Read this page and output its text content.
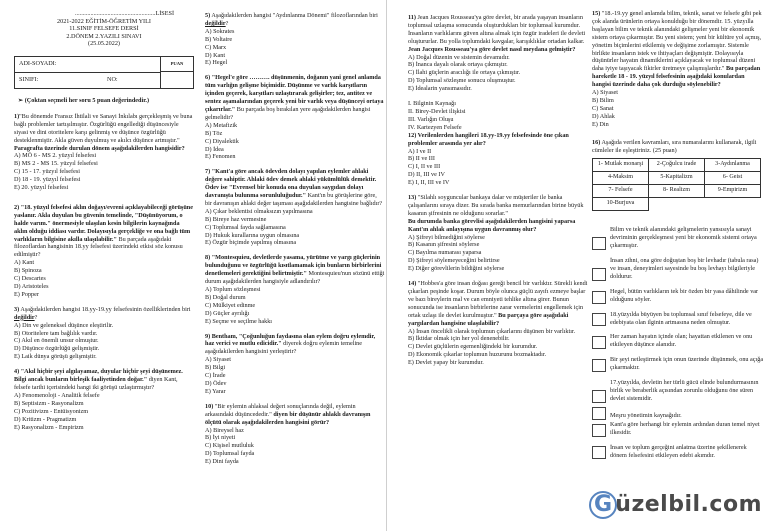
....................................................LİSESİ
2021-2022 EĞİTİM-ÖĞRETİM YILI
11.SINIF FELSEFE DERSİ
2.DÖNEM 2.YAZILI SINAVI
(25.05.2022)
ADI-SOYADI:
SINIFI:	NO:
PUAN
➢ (Çoktan seçmeli her soru 5 puan değerindedir.)

1)"Bu dönemde Fransız İhtilali ve Sanayi İnkılabı gerçekleşmiş ve buna bağlı problemler tartışılmıştır. Özgürlüğü engellediği düşüncesiyle siyasi ve dini otoritelere karşı gelinmiş ve düşünce özgürlüğü desteklenmiştir. Akla güven duyulmuş ve akılcı düşünce artmıştır." Paragrafta üzerinde durulan dönem aşağıdakilerden hangisidir?

A) MÖ 6 - MS 2. yüzyıl felsefesi

B) MS 2 - MS 15. yüzyıl felsefesi

C) 15 - 17. yüzyıl felsefesi

D) 18 - 19. yüzyıl felsefesi

E) 20. yüzyıl felsefesi

2) "18. yüzyıl felsefesi aklın doğayı/evreni açıklayabileceği görüşüne yaslanır. Akla duyulan bu güvenin temelinde, "Düşünüyorum, o halde varım." önermesiyle ulaşılan kesin bilgilerin kaynağında aklın olduğu iddiası vardır. Dolayısıyla gerçekliğe ve ona bağlı tüm varlıkların bilgisine akılla ulaşılabilir." Bu parçada aşağıdaki filozoflardan hangisinin 18.yy felsefesi üzerindeki etkisi söz konusu edilmiştir?

A) Kant

B) Spinoza

C) Descartes

D) Aristoteles

E) Popper

3) Aşağıdakilerden hangisi 18.yy-19.yy felsefesinin özelliklerinden biri değildir?

A) Din ve geleneksel düşünce eleştirilir.

B) Otoritelere tam bağlılık vardır.

C) Akıl en önemli unsur olmuştur.

D) Düşünce özgürlüğü gelişmiştir.

E) Laik dünya görüşü gelişmiştir.

4) "Akıl hiçbir şeyi algılayamaz, duyular hiçbir şeyi düşünemez. Bilgi ancak bunların birleşik faaliyetinden doğar." diyen Kant, felsefe tarihi içerisindeki hangi iki görüşü uzlaştırmıştır?

A) Fenomenoloji - Analitik felsefe

B) Septisizm - Rasyonalizm

C) Pozitivizm - Entüisyonizm

D) Kritizm - Pragmatizm

E) Rasyonalizm - Empirizm

5) Aşağıdakilerden hangisi "Aydınlanma Dönemi" filozoflarından biri değildir?

A) Sokrates

B) Voltaire

C) Marx

D) Kant

E) Hegel

6) "Hegel'e göre ………. düşünmenin, doğanın yani genel anlamda tüm varlığın gelişme biçimidir. Düşünme ve varlık karşıtların içinden geçerek, karşıtları uzlaştırarak gelişirler; tez, antitez ve sentez aşamalarından geçerek yeni bir varlık veya düşünceyi ortaya çıkarırlar." Bu parçada boş bırakılan yere aşağıdakilerden hangisi gelmelidir?

A) Metafizik

B) Töz

C) Diyalektik

D) İdea

E) Fenomen

7) "Kant'a göre ancak ödevden dolayı yapılan eylemler ahlaki değere sahiptir. Ahlaki ödev demek ahlaki yükümlülük demektir. Ödev ise "Evrensel bir konuda ona duyulan saygıdan dolayı davranışta bulunma sorunluluğudur." Kant'ın bu görüşlerine göre, bir davranışın ahlaki değer taşıması aşağıdakilerden hangisine bağlıdır?

A) Çıkar beklentisi olmaksızın yapılmasına

B) Bireye haz vermesine

C) Toplumsal fayda sağlamasına

D) Hukuk kurallarına uygun olmasına

E) Özgür biçimde yapılmış olmasına

8) "Montesquieu, devletlerde yasama, yürütme ve yargı güçlerinin bulunduğunu ve özgürlüğü kısıtlamamak için bunların birbirlerini denetlemeleri gerektiğini belirtmiştir." Montesquieu'nun sözünü ettiği durum aşağıdakilerden hangisiyle adlandırılır?

A) Toplum sözleşmesi

B) Doğal durum

C) Mülkiyet edinme

D) Güçler ayrılığı

E) Seçme ve seçilme hakkı

9) Bentham, "Çoğunluğun faydasına olan eylem doğru eylemdir, haz verici ve mutlu edicidir." diyerek doğru eylemin temeline aşağıdakilerden hangisini yerleştirir?

A) Siyaset

B) Bilgi

C) İrade

D) Ödev

E) Yarar

10) "Bir eylemin ahlaksal değeri sonuçlarında değil, eylemin arkasındaki düşüncededir." diyen bir düşünür ahlaklı davranışın ölçütü olarak aşağıdakilerden hangisini görür?

A) Bireysel haz

B) İyi niyeti

C) Kişisel mutluluk

D) Toplumsal fayda

E) Dini fayda

11) Jean Jacques Rousseau'ya göre devlet, bir arada yaşayan insanların toplumsal uzlaşma sonucunda oluşturdukları bir toplumsal kurumdur. İnsanların varlıklarını güven altına almak için özgür iradeleri ile devleti oluştururlar. Bu yolla toplumdaki kavgalar, karışıklıklar ortadan kalkar. Jean Jacques Rousseau'ya göre devlet nasıl meydana gelmiştir?

A) Doğal düzenin ve sistemin devamıdır.

B) İnanca dayalı olarak ortaya çıkmıştır.

C) İlahi güçlerin aracılığı ile ortaya çıkmıştır.

D) Toplumsal sözleşme sonucu oluşmuştur.

E) İdealarin yansımasıdır.

I. Bilginin Kaynağı

II. Birey-Devlet ilişkisi

III. Varlığın Oluşu

IV. Kartezyen Felsefe

12) Verilenlerden hangileri 18.yy-19.yy felsefesinde öne çıkan problemler arasında yer alır?

A) I ve II

B) II ve III

C) I, II ve III

D) II, III ve IV

E) I, II, III ve IV

13) "Silahlı soyguncular bankaya dalar ve müşteriler ile banka çalışanlarını sıraya dizer. Bu sırada banka memurlarından birine büyük kasanın şifresinin ne olduğunu sorarlar."

Bu durumda banka görevlisi aşağıdakilerden hangisini yaparsa Kant'ın ahlak anlayışına uygun davranmış olur?

A) Şifreyi bilmediğini söylerse

B) Kasanın şifresini söylerse

C) Bayılma numarası yaparsa

D) Şifreyi söylemeyeceğini belirtirse

E) Diğer görevlilerin bildiğini söylerse

14) "Hobbes'a göre insan doğası gereği bencil bir varlıktır. Sürekli kendi çıkarları peşinde koşar. Durum böyle olunca güçlü zayıfı ezmeye başlar ve bazı bireylerin mal ve can emniyeti tehlike altına girer. Bunun sonucunda ise insanların birbirlerine zarar vermelerini engellemek için ortak uzlaşı ile devlet kurulmuştur." Bu parçaya göre aşağıdaki yargılardan hangisine ulaşılabilir?

A) İnsan öncelikli olarak toplumun çıkarlarını düşünen bir varlıktır.

B) İktidar olmak için her yol denenebilir.

C) Devlet güçlülerin egemenliğindeki bir kurumdur.

D) Ekonomik çıkarlar toplumun huzurunu bozmaktadır.

E) Devlet yapay bir kurumdur.

15) "18.-19.yy genel anlamda bilim, teknik, sanat ve felsefe gibi pek çok alanda ürünlerin ortaya konulduğu bir dönemdir. 15. yüzyılla başlayan bilim ve teknik alanındaki gelişmeler yeni bir ekonomik sistem ortaya çıkarmıştır. Bu yeni sistem; yeni bir kültüre yol açmış, yönetim biçimlerini etkilemiş ve değişime zorlamıştır. Sistemle birlikte insanların istek ve ihtiyaçları değişmiştir. Dolayısıyla düşünürler hayatın dinamiklerini açıklayacak ve toplumsal düzeni daha iyiye taşıyacak fikirler üretmeye çalışmışlardır." Bu parçadan hareketle 18 - 19. yüzyıl felsefesinin aşağıdaki konulardan hangisi üzerinde daha çok durduğu söylenebilir?

A) Siyaset

B) Bilim

C) Sanat

D) Ahlak

E) Din

16) Aşağıda verilen kavramları, sıra numaralarını kullanarak, ilgili cümleler ile eşleştiriniz. (25 puan)

1- Mutlak monarşi	2-Çoğulcu irade	3-Aydınlanma
4-Maksim	5-Kapitalizm	6- Geist
7- Felsefe	8- Realizm	9-Empirizm
10-Burjuva		

Bilim ve teknik alanındaki gelişmelerin yansısıyla sanayi devriminin gerçekleşmesi yeni bir ekonomik sistemi ortaya çıkarmıştır.

İnsan zihni, ona göre doğuştan boş bir levhadır (tabula rasa) ve insan, deneyimleri sayesinde bu boş levhayı bilgileriyle doldurur.

Hegel, bütün varlıkların tek bir özden bir yasa dâhilinde var olduğunu söyler.

18.yüzyılda büyüyen bu toplumsal sınıf felsefeye, dile ve edebiyata olan ilginin artmasına neden olmuştur.

Her zaman hayatın içinde olan; hayattan etkilenen ve onu etkileyen düşünce alanıdır.

Bir şeyi netleştirmek için onun üzerinde düşünmek, onu açığa çıkarmaktır.

17.yüzyılda, devletin her türlü gücü elinde bulundurmasının birlik ve beraberlik açısından zorunlu olduğunu öne süren devlet sistemidir.

Meşru yönetimin kaynağıdır.

Kant'a göre herhangi bir eylemin ardından duran temel niyet ilkesidir.

İnsan ve toplum gerçeğini anlatma üzerine şekillenerek dönem felsefesini etkileyen edebi akımdır.

G üzelbil.com
